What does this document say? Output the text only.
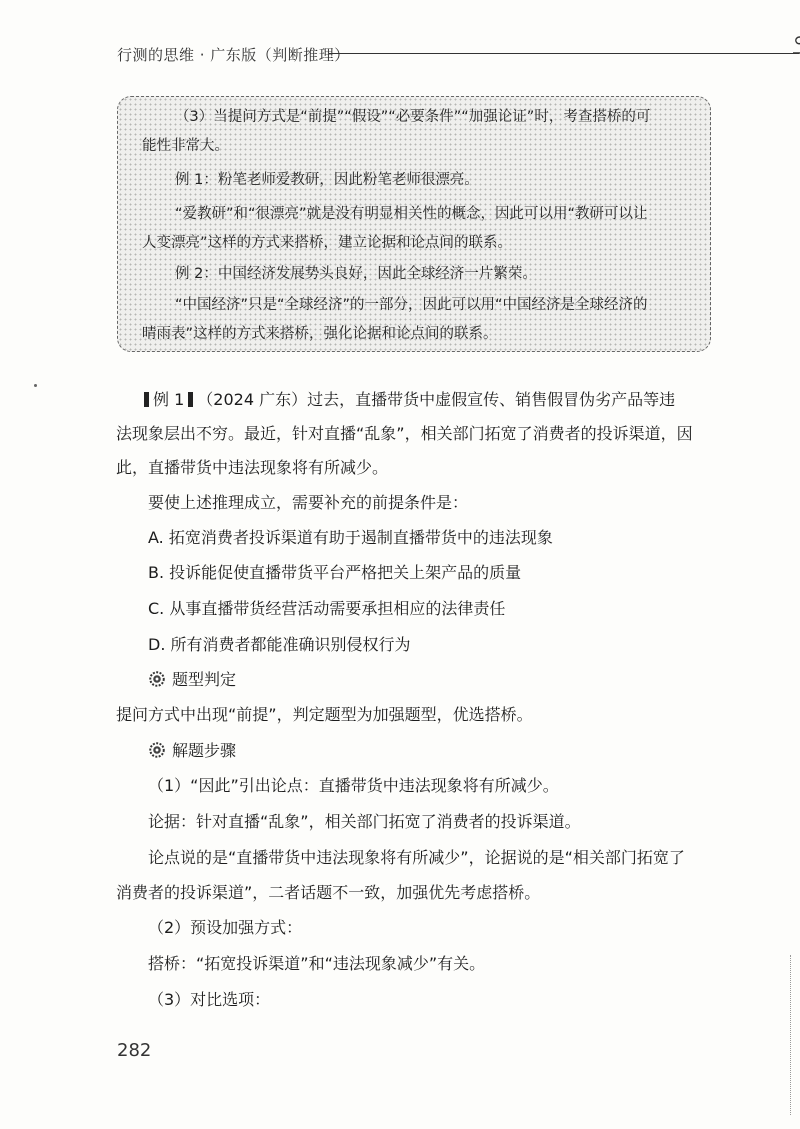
行测的思维 · 广东版（判断推理）
（3）当提问方式是“前提”“假设”“必要条件”“加强论证”时，考查搭桥的可
能性非常大。
例 1：粉笔老师爱教研，因此粉笔老师很漂亮。
“爱教研”和“很漂亮”就是没有明显相关性的概念，因此可以用“教研可以让
人变漂亮”这样的方式来搭桥，建立论据和论点间的联系。
例 2：中国经济发展势头良好，因此全球经济一片繁荣。
“中国经济”只是“全球经济”的一部分，因此可以用“中国经济是全球经济的
晴雨表”这样的方式来搭桥，强化论据和论点间的联系。
例 1 （2024 广东）过去，直播带货中虚假宣传、销售假冒伪劣产品等违
法现象层出不穷。最近，针对直播“乱象”，相关部门拓宽了消费者的投诉渠道，因
此，直播带货中违法现象将有所减少。
要使上述推理成立，需要补充的前提条件是：
A. 拓宽消费者投诉渠道有助于遏制直播带货中的违法现象
B. 投诉能促使直播带货平台严格把关上架产品的质量
C. 从事直播带货经营活动需要承担相应的法律责任
D. 所有消费者都能准确识别侵权行为
题型判定
提问方式中出现“前提”，判定题型为加强题型，优选搭桥。
解题步骤
（1）“因此”引出论点：直播带货中违法现象将有所减少。
论据：针对直播“乱象”，相关部门拓宽了消费者的投诉渠道。
论点说的是“直播带货中违法现象将有所减少”，论据说的是“相关部门拓宽了
消费者的投诉渠道”，二者话题不一致，加强优先考虑搭桥。
（2）预设加强方式：
搭桥：“拓宽投诉渠道”和“违法现象减少”有关。
（3）对比选项：
282
